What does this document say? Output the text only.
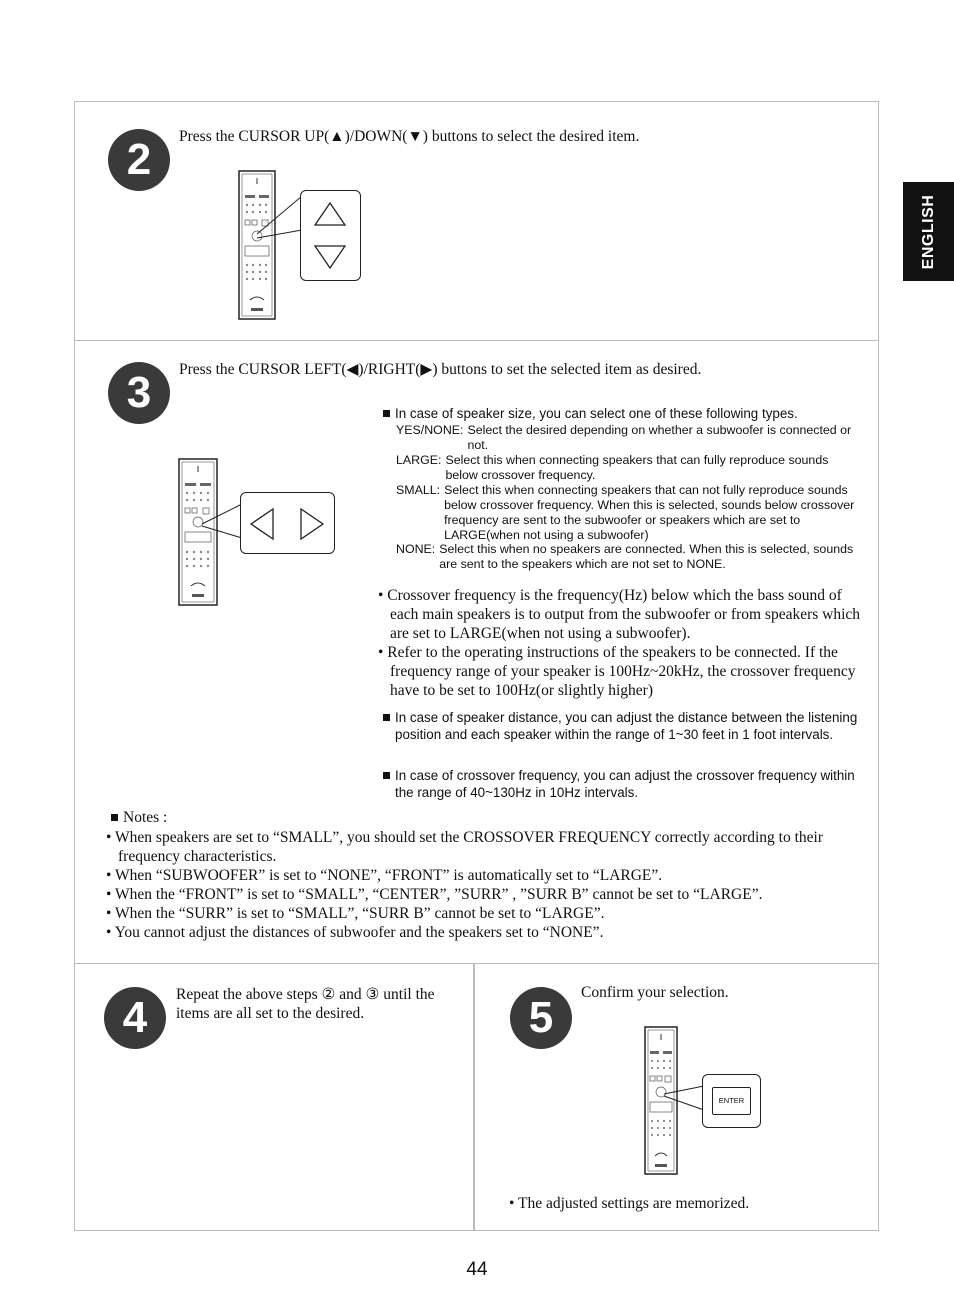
ENGLISH
2	Press the CURSOR UP(▲)/DOWN(▼) buttons to select the desired item.
3	Press the CURSOR LEFT(◀)/RIGHT(▶) buttons to set the selected item as desired.
In case of speaker size, you can select one of these following types.
YES/NONE: Select the desired depending on whether a subwoofer is connected or not.
LARGE: Select this when connecting speakers that can fully reproduce sounds below crossover frequency.
SMALL: Select this when connecting speakers that can not fully reproduce sounds below crossover frequency. When this is selected, sounds below crossover frequency are sent to the subwoofer or speakers which are set to LARGE(when not using a subwoofer)
NONE: Select this when no speakers are connected. When this is selected, sounds are sent to the speakers which are not set to NONE.
• Crossover frequency is the frequency(Hz) below which the bass sound of each main speakers is to output from the subwoofer or from speakers which are set to LARGE(when not using a subwoofer).
• Refer to the operating instructions of the speakers to be connected. If the frequency range of your speaker is 100Hz~20kHz, the crossover frequency have to be set to 100Hz(or slightly higher)
In case of speaker distance, you can adjust the distance between the listening position and each speaker within the range of 1~30 feet in 1 foot intervals.
In case of crossover frequency, you can adjust the crossover frequency within the range of 40~130Hz in 10Hz intervals.
Notes :
• When speakers are set to “SMALL”, you should set the CROSSOVER FREQUENCY correctly according to their frequency characteristics.
• When “SUBWOOFER” is set to “NONE”, “FRONT” is automatically set to “LARGE”.
• When the “FRONT” is set to “SMALL”, “CENTER”, ”SURR” , ”SURR B” cannot be set to “LARGE”.
• When the “SURR” is set to “SMALL”, “SURR B” cannot be set to “LARGE”.
• You cannot adjust the distances of subwoofer and the speakers set to “NONE”.
4	Repeat the above steps ② and ③ until the items are all set to the desired.	5
Confirm your selection.
ENTER
• The adjusted settings are memorized.
44
